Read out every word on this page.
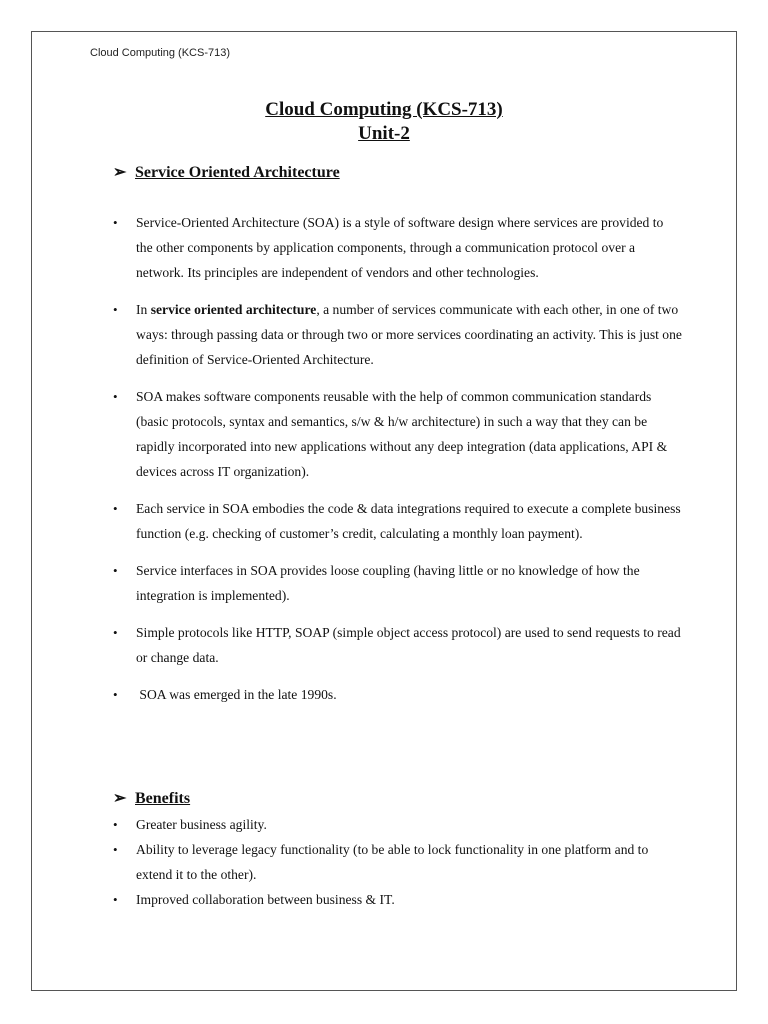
Cloud Computing (KCS-713)
Cloud Computing (KCS-713)
Unit-2
➢ Service Oriented Architecture
• Service-Oriented Architecture (SOA) is a style of software design where services are provided to the other components by application components, through a communication protocol over a network. Its principles are independent of vendors and other technologies.
• In service oriented architecture, a number of services communicate with each other, in one of two ways: through passing data or through two or more services coordinating an activity. This is just one definition of Service-Oriented Architecture.
• SOA makes software components reusable with the help of common communication standards (basic protocols, syntax and semantics, s/w & h/w architecture) in such a way that they can be rapidly incorporated into new applications without any deep integration (data applications, API & devices across IT organization).
• Each service in SOA embodies the code & data integrations required to execute a complete business function (e.g. checking of customer’s credit, calculating a monthly loan payment).
• Service interfaces in SOA provides loose coupling (having little or no knowledge of how the integration is implemented).
• Simple protocols like HTTP, SOAP (simple object access protocol) are used to send requests to read or change data.
• SOA was emerged in the late 1990s.
➢ Benefits
• Greater business agility.
• Ability to leverage legacy functionality (to be able to lock functionality in one platform and to extend it to the other).
• Improved collaboration between business & IT.
